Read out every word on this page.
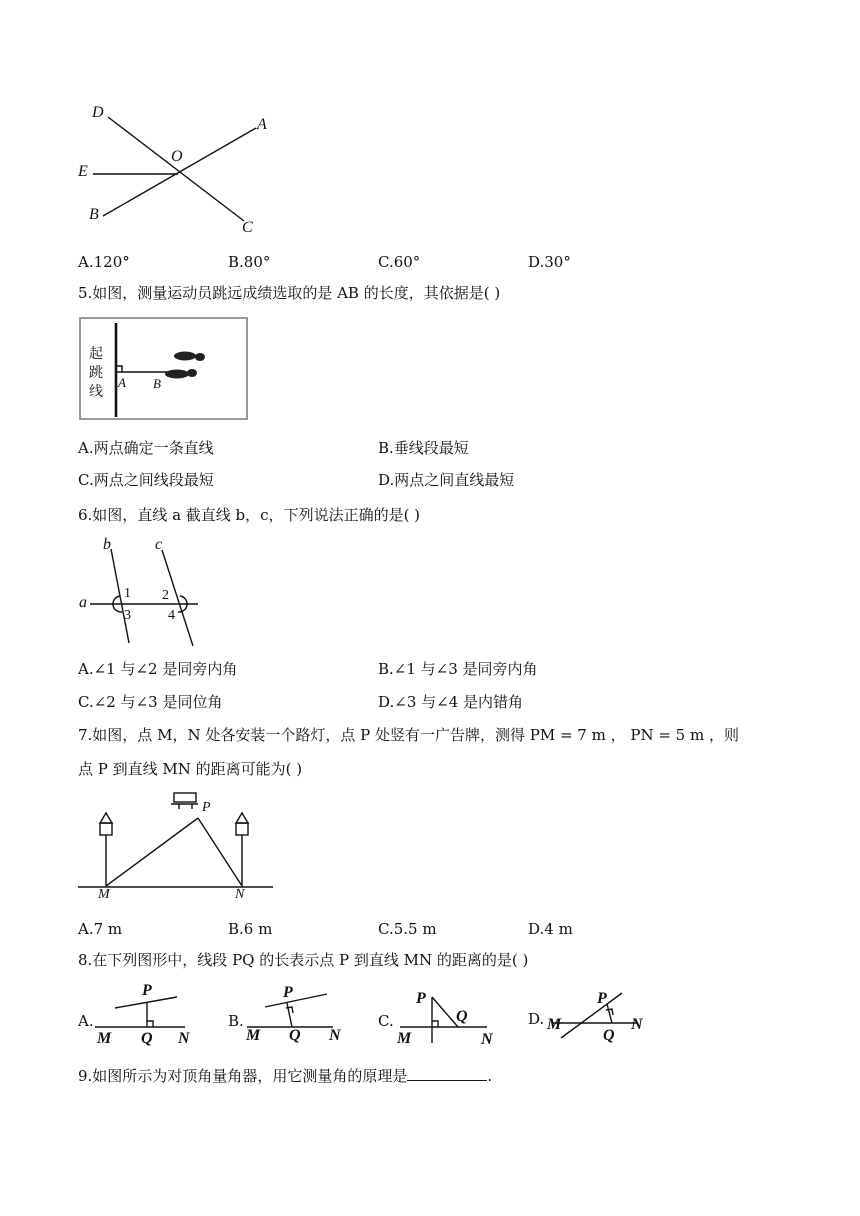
D
A
O
E
B
C
A.120°	B.80°	C.60°	D.30°
5.如图，测量运动员跳远成绩选取的是 AB 的长度，其依据是( )
起
跳
线
A B
A.两点确定一条直线	B.垂线段最短
C.两点之间线段最短	D.两点之间直线最短
6.如图，直线 a 截直线 b，c，下列说法正确的是( )
b	c
a
1 2
3	4
A.∠1 与∠2 是同旁内角	B.∠1 与∠3 是同旁内角
C.∠2 与∠3 是同位角	D.∠3 与∠4 是内错角
7.如图，点 M，N 处各安装一个路灯，点 P 处竖有一广告牌，测得 PM = 7 m ， PN = 5 m ，则
点 P 到直线 MN 的距离可能为( )
P
M	N
A.7 m	B.6 m	C.5.5 m	D.4 m
8.在下列图形中，线段 PQ 的长表示点 P 到直线 MN 的距离的是( )
A.
P
M Q N
B.
P
M Q N
C.
P
Q
M	N
D.
P
M	N
Q
9.如图所示为对顶角量角器，用它测量角的原理是	.
